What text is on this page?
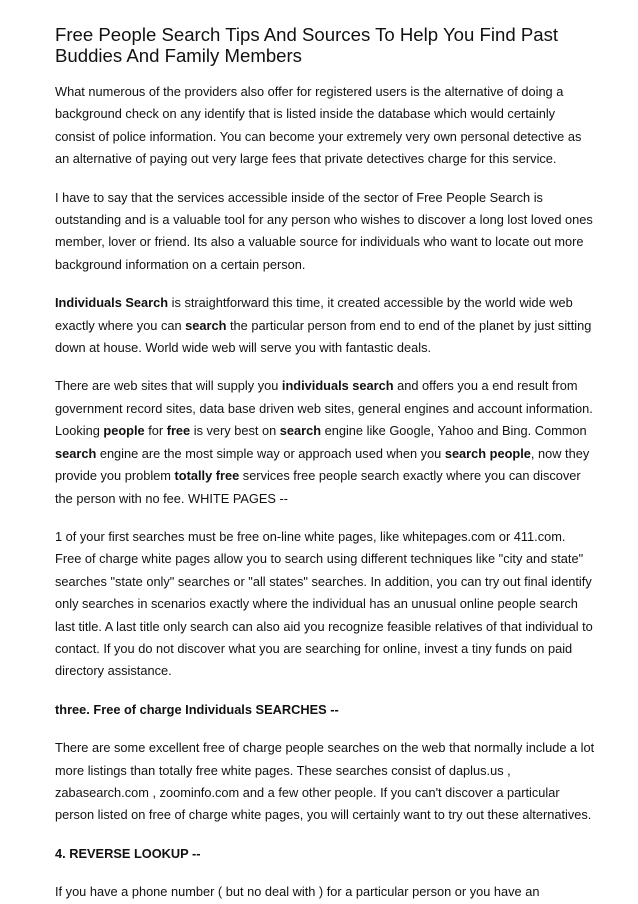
Free People Search Tips And Sources To Help You Find Past Buddies And Family Members

What numerous of the providers also offer for registered users is the alternative of doing a background check on any identify that is listed inside the database which would certainly consist of police information. You can become your extremely very own personal detective as an alternative of paying out very large fees that private detectives charge for this service.

I have to say that the services accessible inside of the sector of Free People Search is outstanding and is a valuable tool for any person who wishes to discover a long lost loved ones member, lover or friend. Its also a valuable source for individuals who want to locate out more background information on a certain person.

Individuals Search is straightforward this time, it created accessible by the world wide web exactly where you can search the particular person from end to end of the planet by just sitting down at house. World wide web will serve you with fantastic deals.

There are web sites that will supply you individuals search and offers you a end result from government record sites, data base driven web sites, general engines and account information. Looking people for free is very best on search engine like Google, Yahoo and Bing. Common search engine are the most simple way or approach used when you search people, now they provide you problem totally free services free people search exactly where you can discover the person with no fee. WHITE PAGES --

1 of your first searches must be free on-line white pages, like whitepages.com or 411.com. Free of charge white pages allow you to search using different techniques like "city and state" searches "state only" searches or "all states" searches. In addition, you can try out final identify only searches in scenarios exactly where the individual has an unusual online people search last title. A last title only search can also aid you recognize feasible relatives of that individual to contact. If you do not discover what you are searching for online, invest a tiny funds on paid directory assistance.

three. Free of charge Individuals SEARCHES --

There are some excellent free of charge people searches on the web that normally include a lot more listings than totally free white pages. These searches consist of daplus.us , zabasearch.com , zoominfo.com and a few other people. If you can't discover a particular person listed on free of charge white pages, you will certainly want to try out these alternatives.

4. REVERSE LOOKUP --

If you have a phone number ( but no deal with ) for a particular person or you have an
